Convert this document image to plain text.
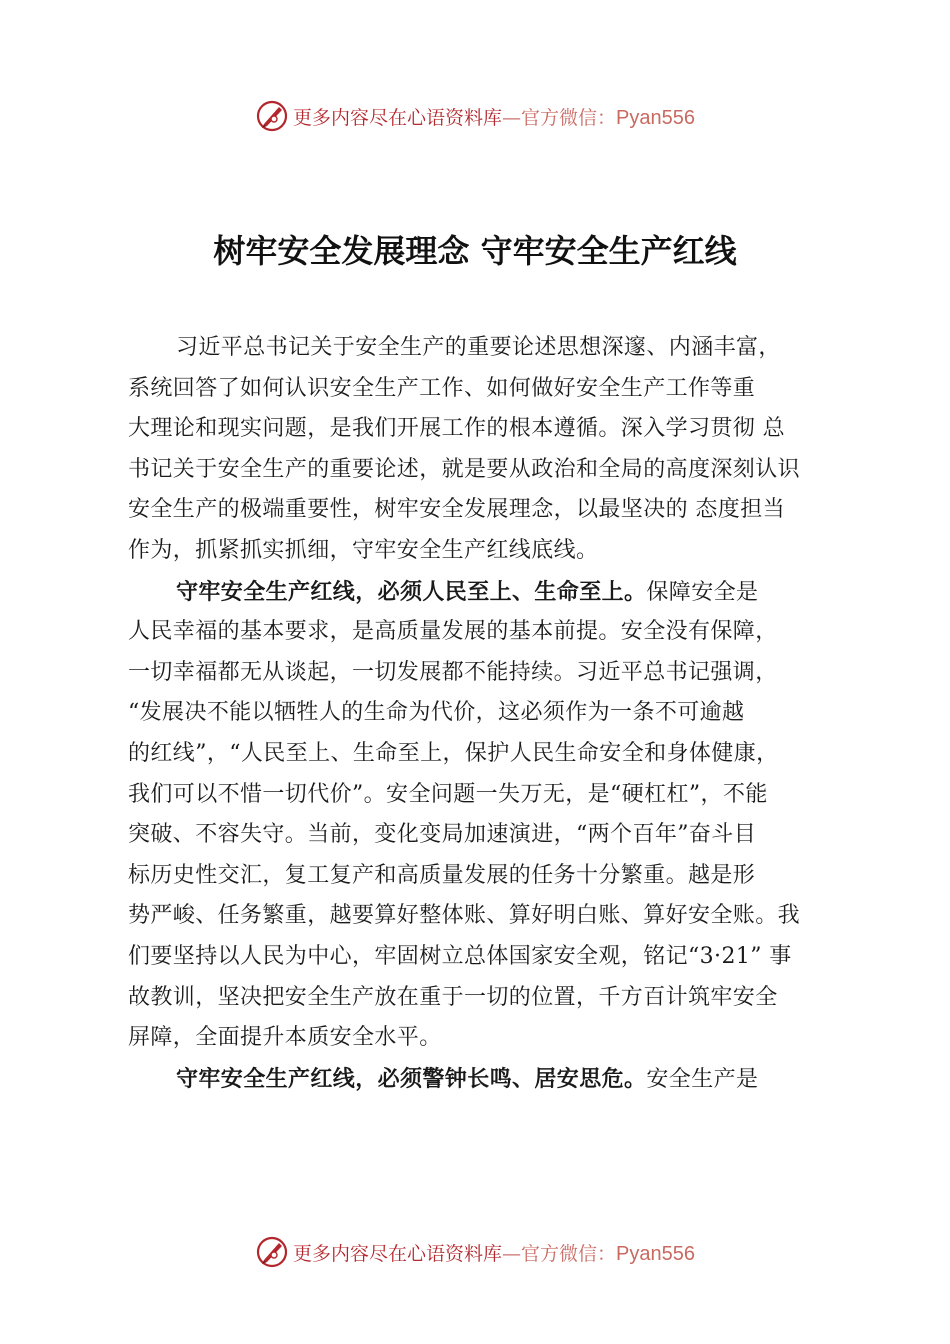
更多内容尽在心语资料库—官方微信：Pyan556
树牢安全发展理念 守牢安全生产红线
习近平总书记关于安全生产的重要论述思想深邃、内涵丰富，
系统回答了如何认识安全生产工作、如何做好安全生产工作等重
大理论和现实问题，是我们开展工作的根本遵循。深入学习贯彻 总
书记关于安全生产的重要论述，就是要从政治和全局的高度深刻认识
安全生产的极端重要性，树牢安全发展理念，以最坚决的 态度担当
作为，抓紧抓实抓细，守牢安全生产红线底线。
守牢安全生产红线，必须人民至上、生命至上。保障安全是
人民幸福的基本要求，是高质量发展的基本前提。安全没有保障，
一切幸福都无从谈起，一切发展都不能持续。习近平总书记强调，
“发展决不能以牺牲人的生命为代价，这必须作为一条不可逾越
的红线”，“人民至上、生命至上，保护人民生命安全和身体健康，
我们可以不惜一切代价”。安全问题一失万无，是“硬杠杠”，不能
突破、不容失守。当前，变化变局加速演进，“两个百年”奋斗目
标历史性交汇，复工复产和高质量发展的任务十分繁重。越是形
势严峻、任务繁重，越要算好整体账、算好明白账、算好安全账。我
们要坚持以人民为中心，牢固树立总体国家安全观，铭记“3·21” 事
故教训，坚决把安全生产放在重于一切的位置，千方百计筑牢安全
屏障，全面提升本质安全水平。
守牢安全生产红线，必须警钟长鸣、居安思危。安全生产是
更多内容尽在心语资料库—官方微信：Pyan556
